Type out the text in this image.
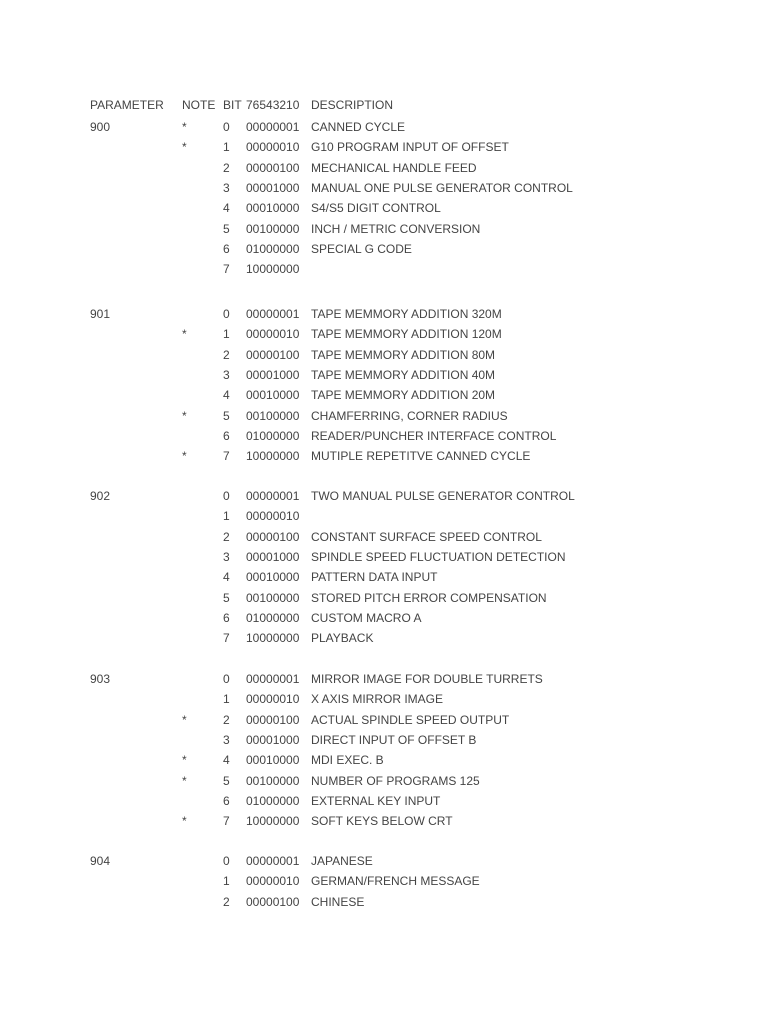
PARAMETER NOTE BIT 76543210 DESCRIPTION
900	*	0 00000001 CANNED CYCLE
*	1 00000010 G10 PROGRAM INPUT OF OFFSET
2 00000100 MECHANICAL HANDLE FEED
3 00001000 MANUAL ONE PULSE GENERATOR CONTROL
4 00010000 S4/S5 DIGIT CONTROL
5 00100000 INCH / METRIC CONVERSION
6 01000000 SPECIAL G CODE
7 10000000
901	0 00000001 TAPE MEMMORY ADDITION 320M
*	1 00000010 TAPE MEMMORY ADDITION 120M
2 00000100 TAPE MEMMORY ADDITION 80M
3 00001000 TAPE MEMMORY ADDITION 40M
4 00010000 TAPE MEMMORY ADDITION 20M
*	5 00100000 CHAMFERRING, CORNER RADIUS
6 01000000 READER/PUNCHER INTERFACE CONTROL
*	7 10000000 MUTIPLE REPETITVE CANNED CYCLE
902	0 00000001 TWO MANUAL PULSE GENERATOR CONTROL
1 00000010
2 00000100 CONSTANT SURFACE SPEED CONTROL
3 00001000 SPINDLE SPEED FLUCTUATION DETECTION
4 00010000 PATTERN DATA INPUT
5 00100000 STORED PITCH ERROR COMPENSATION
6 01000000 CUSTOM MACRO A
7 10000000 PLAYBACK
903	0 00000001 MIRROR IMAGE FOR DOUBLE TURRETS
1 00000010 X AXIS MIRROR IMAGE
*	2 00000100 ACTUAL SPINDLE SPEED OUTPUT
3 00001000 DIRECT INPUT OF OFFSET B
*	4 00010000 MDI EXEC. B
*	5 00100000 NUMBER OF PROGRAMS 125
6 01000000 EXTERNAL KEY INPUT
*	7 10000000 SOFT KEYS BELOW CRT
904	0 00000001 JAPANESE
1 00000010 GERMAN/FRENCH MESSAGE
2 00000100 CHINESE
